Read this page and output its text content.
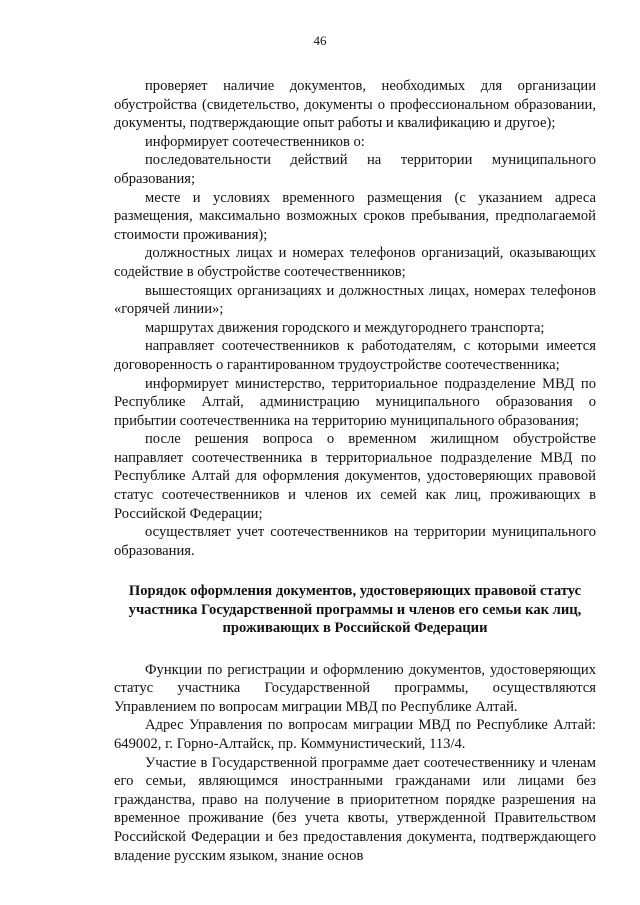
46

проверяет наличие документов, необходимых для организации обустройства (свидетельство, документы о профессиональном образовании, документы, подтверждающие опыт работы и квалификацию и другое);

информирует соотечественников о:

последовательности действий на территории муниципального образования;

месте и условиях временного размещения (с указанием адреса размещения, максимально возможных сроков пребывания, предполагаемой стоимости проживания);

должностных лицах и номерах телефонов организаций, оказывающих содействие в обустройстве соотечественников;

вышестоящих организациях и должностных лицах, номерах телефонов «горячей линии»;

маршрутах движения городского и междугороднего транспорта;

направляет соотечественников к работодателям, с которыми имеется договоренность о гарантированном трудоустройстве соотечественника;

информирует министерство, территориальное подразделение МВД по Республике Алтай, администрацию муниципального образования о прибытии соотечественника на территорию муниципального образования;

после решения вопроса о временном жилищном обустройстве направляет соотечественника в территориальное подразделение МВД по Республике Алтай для оформления документов, удостоверяющих правовой статус соотечественников и членов их семей как лиц, проживающих в Российской Федерации;

осуществляет учет соотечественников на территории муниципального образования.

Порядок оформления документов, удостоверяющих правовой статус
участника Государственной программы и членов его семьи как лиц,
проживающих в Российской Федерации

Функции по регистрации и оформлению документов, удостоверяющих статус участника Государственной программы, осуществляются Управлением по вопросам миграции МВД по Республике Алтай.

Адрес Управления по вопросам миграции МВД по Республике Алтай: 649002, г. Горно-Алтайск, пр. Коммунистический, 113/4.

Участие в Государственной программе дает соотечественнику и членам его семьи, являющимся иностранными гражданами или лицами без гражданства, право на получение в приоритетном порядке разрешения на временное проживание (без учета квоты, утвержденной Правительством Российской Федерации и без предоставления документа, подтверждающего владение русским языком, знание основ
